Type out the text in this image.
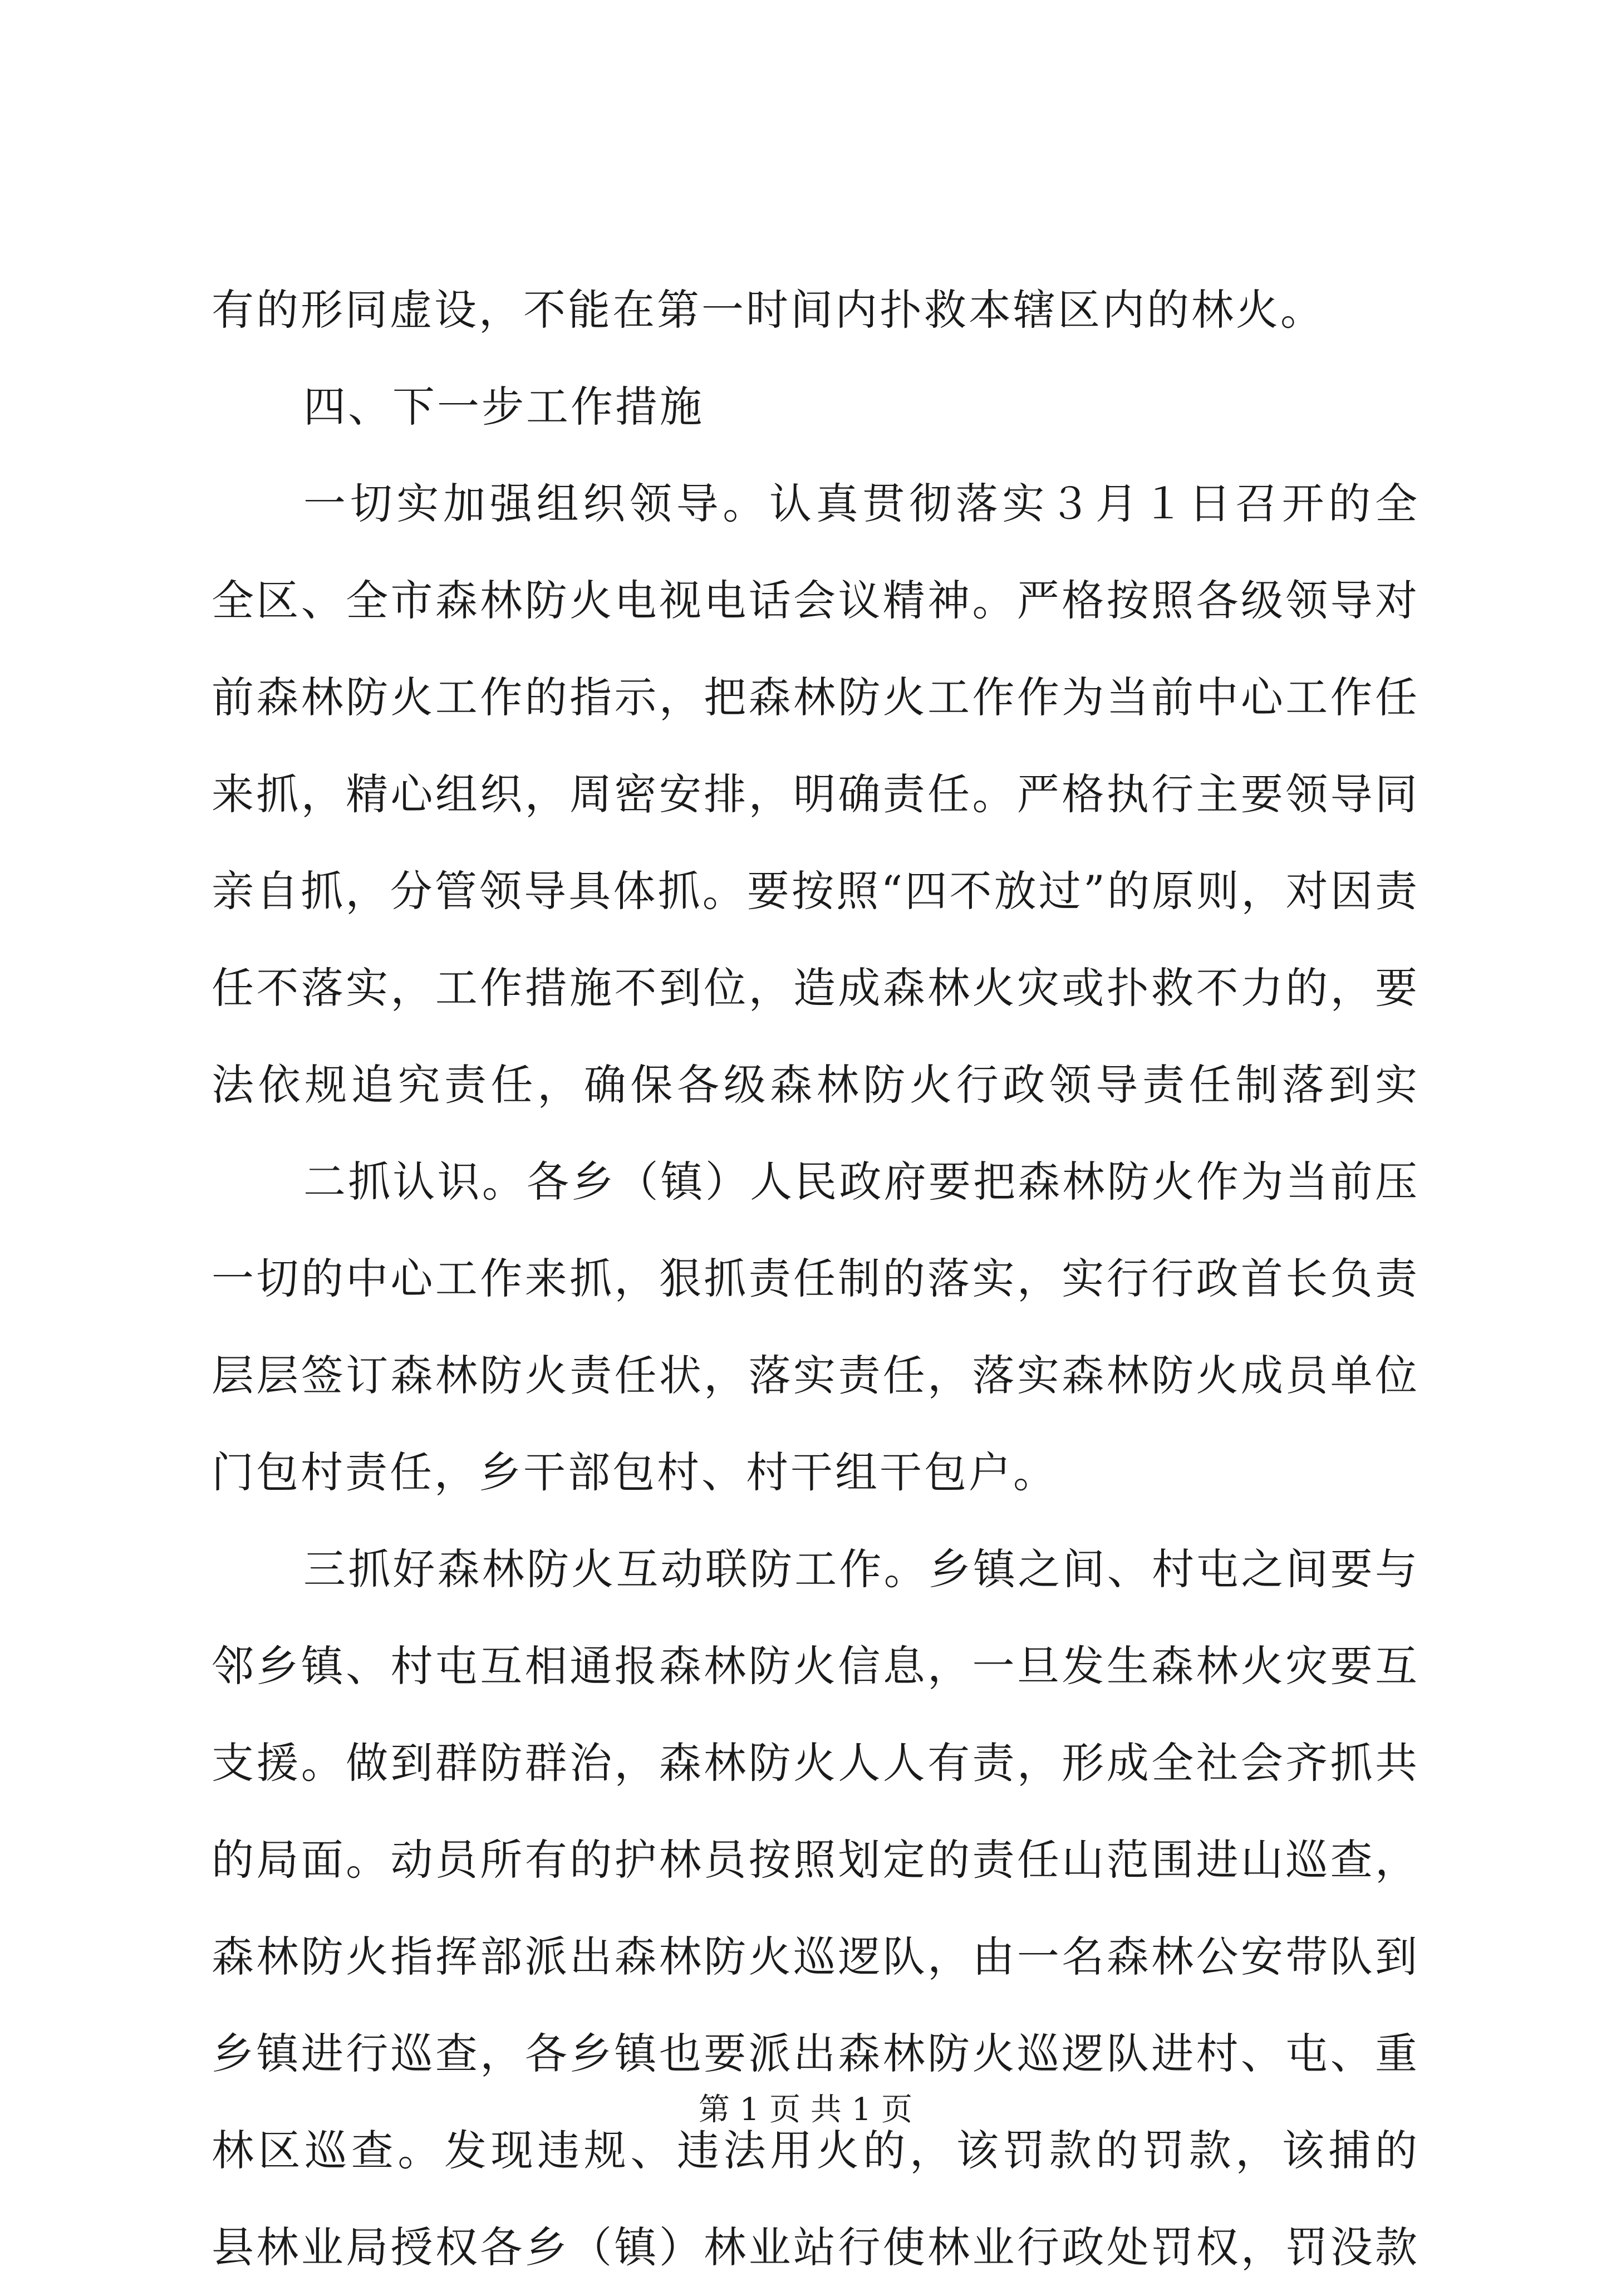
有的形同虚设，不能在第一时间内扑救本辖区内的林火。
四、下一步工作措施
一切实加强组织领导。认真贯彻落实３月１日召开的全
全区、全市森林防火电视电话会议精神。严格按照各级领导对
前森林防火工作的指示，把森林防火工作作为当前中心工作任
来抓，精心组织，周密安排，明确责任。严格执行主要领导同
亲自抓，分管领导具体抓。要按照“四不放过”的原则，对因责
任不落实，工作措施不到位，造成森林火灾或扑救不力的，要
法依规追究责任，确保各级森林防火行政领导责任制落到实
二抓认识。各乡（镇）人民政府要把森林防火作为当前压
一切的中心工作来抓，狠抓责任制的落实，实行行政首长负责
层层签订森林防火责任状，落实责任，落实森林防火成员单位
门包村责任，乡干部包村、村干组干包户。
三抓好森林防火互动联防工作。乡镇之间、村屯之间要与
邻乡镇、村屯互相通报森林防火信息，一旦发生森林火灾要互
支援。做到群防群治，森林防火人人有责，形成全社会齐抓共
的局面。动员所有的护林员按照划定的责任山范围进山巡查，
森林防火指挥部派出森林防火巡逻队，由一名森林公安带队到
乡镇进行巡查，各乡镇也要派出森林防火巡逻队进村、屯、重
林区巡查。发现违规、违法用火的，该罚款的罚款，该捕的
县林业局授权各乡（镇）林业站行使林业行政处罚权，罚没款
第 1 页 共 1 页
